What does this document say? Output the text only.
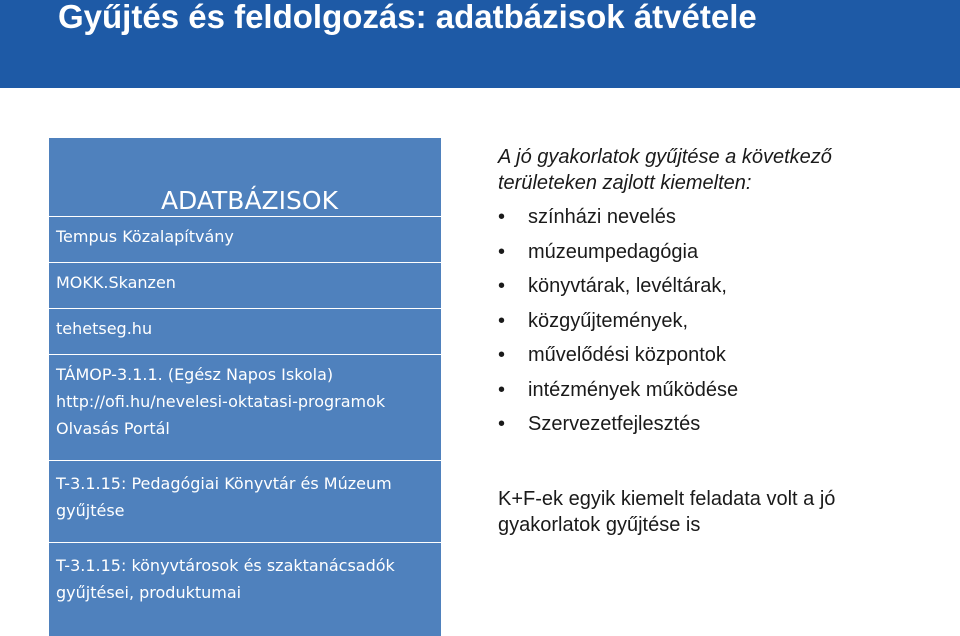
Gyűjtés és feldolgozás: adatbázisok átvétele
ADATBÁZISOK
Tempus Közalapítvány
MOKK.Skanzen
tehetseg.hu
TÁMOP-3.1.1. (Egész Napos Iskola)
http://ofi.hu/nevelesi-oktatasi-programok
Olvasás Portál
T-3.1.15: Pedagógiai Könyvtár és Múzeum
gyűjtése
T-3.1.15: könyvtárosok és szaktanácsadók
gyűjtései, produktumai
A jó gyakorlatok gyűjtése a következő területeken zajlott kiemelten:
• színházi nevelés
• múzeumpedagógia
• könyvtárak, levéltárak,
• közgyűjtemények,
• művelődési központok
• intézmények működése
• Szervezetfejlesztés
K+F-ek egyik kiemelt feladata volt a jó gyakorlatok gyűjtése is
